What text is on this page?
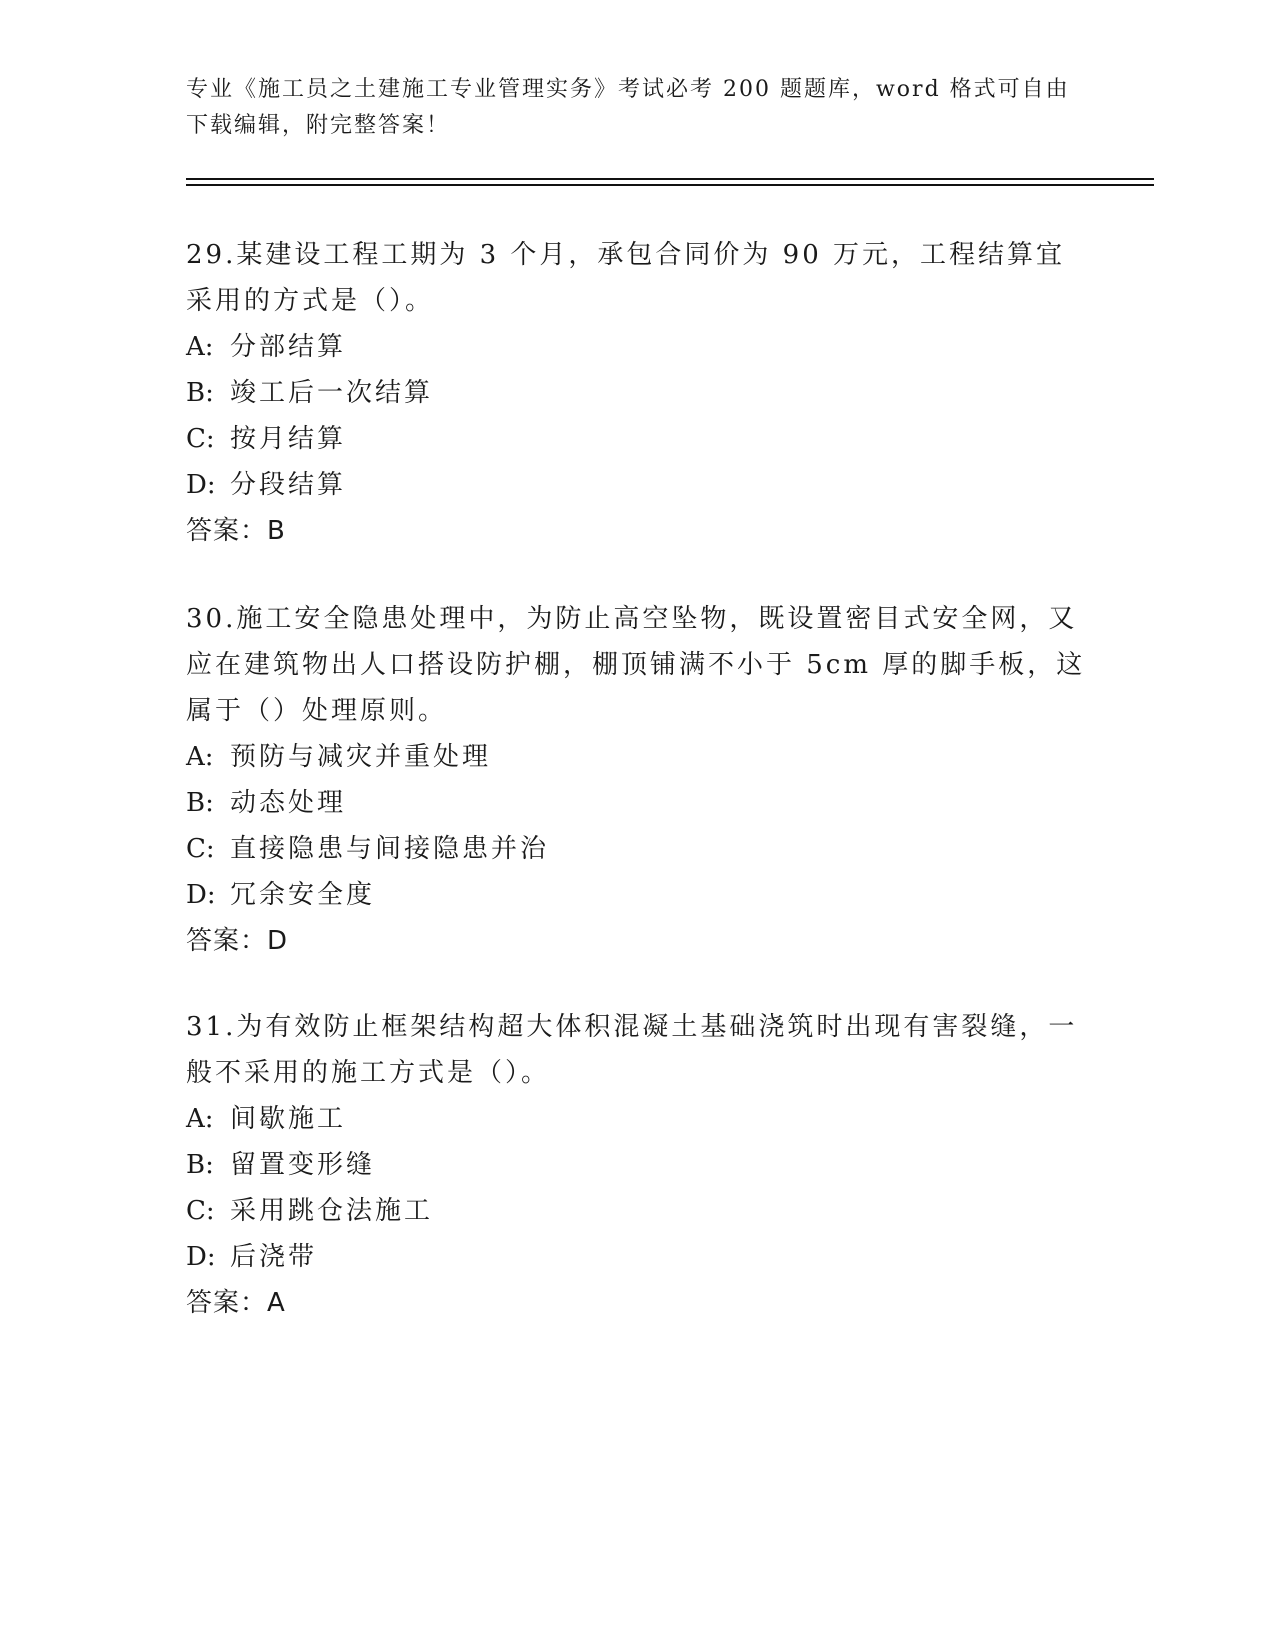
专业《施工员之土建施工专业管理实务》考试必考 200 题题库，word 格式可自由下载编辑，附完整答案！

29.某建设工程工期为 3 个月，承包合同价为 90 万元，工程结算宜采用的方式是（）。

A: 分部结算

B: 竣工后一次结算

C: 按月结算

D: 分段结算

答案：B

30.施工安全隐患处理中，为防止高空坠物，既设置密目式安全网，又应在建筑物出人口搭设防护棚，棚顶铺满不小于 5cm 厚的脚手板，这属于（）处理原则。

A: 预防与减灾并重处理

B: 动态处理

C: 直接隐患与间接隐患并治

D: 冗余安全度

答案：D

31.为有效防止框架结构超大体积混凝土基础浇筑时出现有害裂缝，一般不采用的施工方式是（）。

A: 间歇施工

B: 留置变形缝

C: 采用跳仓法施工

D: 后浇带

答案：A
